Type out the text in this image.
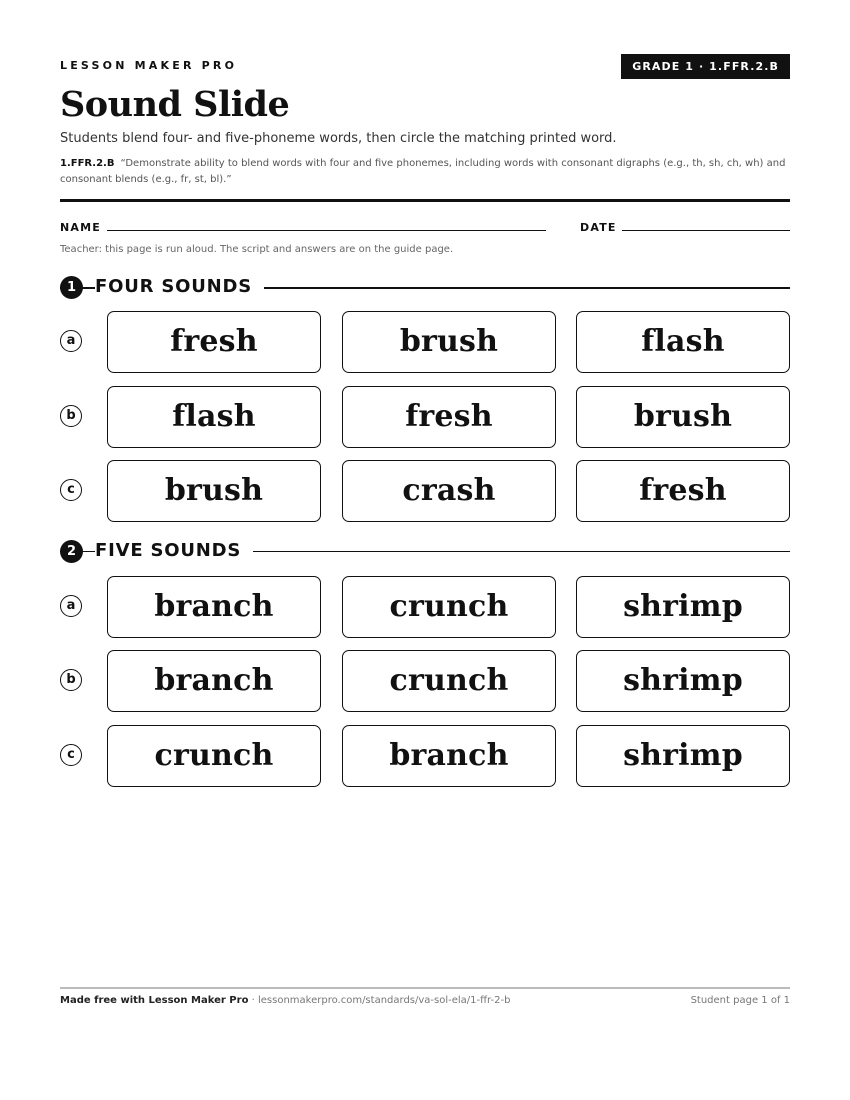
LESSON MAKER PRO	GRADE 1 · 1.FFR.2.B
Sound Slide
Students blend four- and five-phoneme words, then circle the matching printed word.
1.FFR.2.B “Demonstrate ability to blend words with four and five phonemes, including words with consonant digraphs (e.g., th, sh, ch, wh) and consonant blends (e.g., fr, st, bl).”
NAME	DATE
Teacher: this page is run aloud. The script and answers are on the guide page.
1	FOUR SOUNDS
a	fresh	brush	flash
b	flash	fresh	brush
c	brush	crash	fresh
2	FIVE SOUNDS
a	branch	crunch	shrimp
b	branch	crunch	shrimp
c	crunch	branch	shrimp
Made free with Lesson Maker Pro · lessonmakerpro.com/standards/va-sol-ela/1-ffr-2-b	Student page 1 of 1
